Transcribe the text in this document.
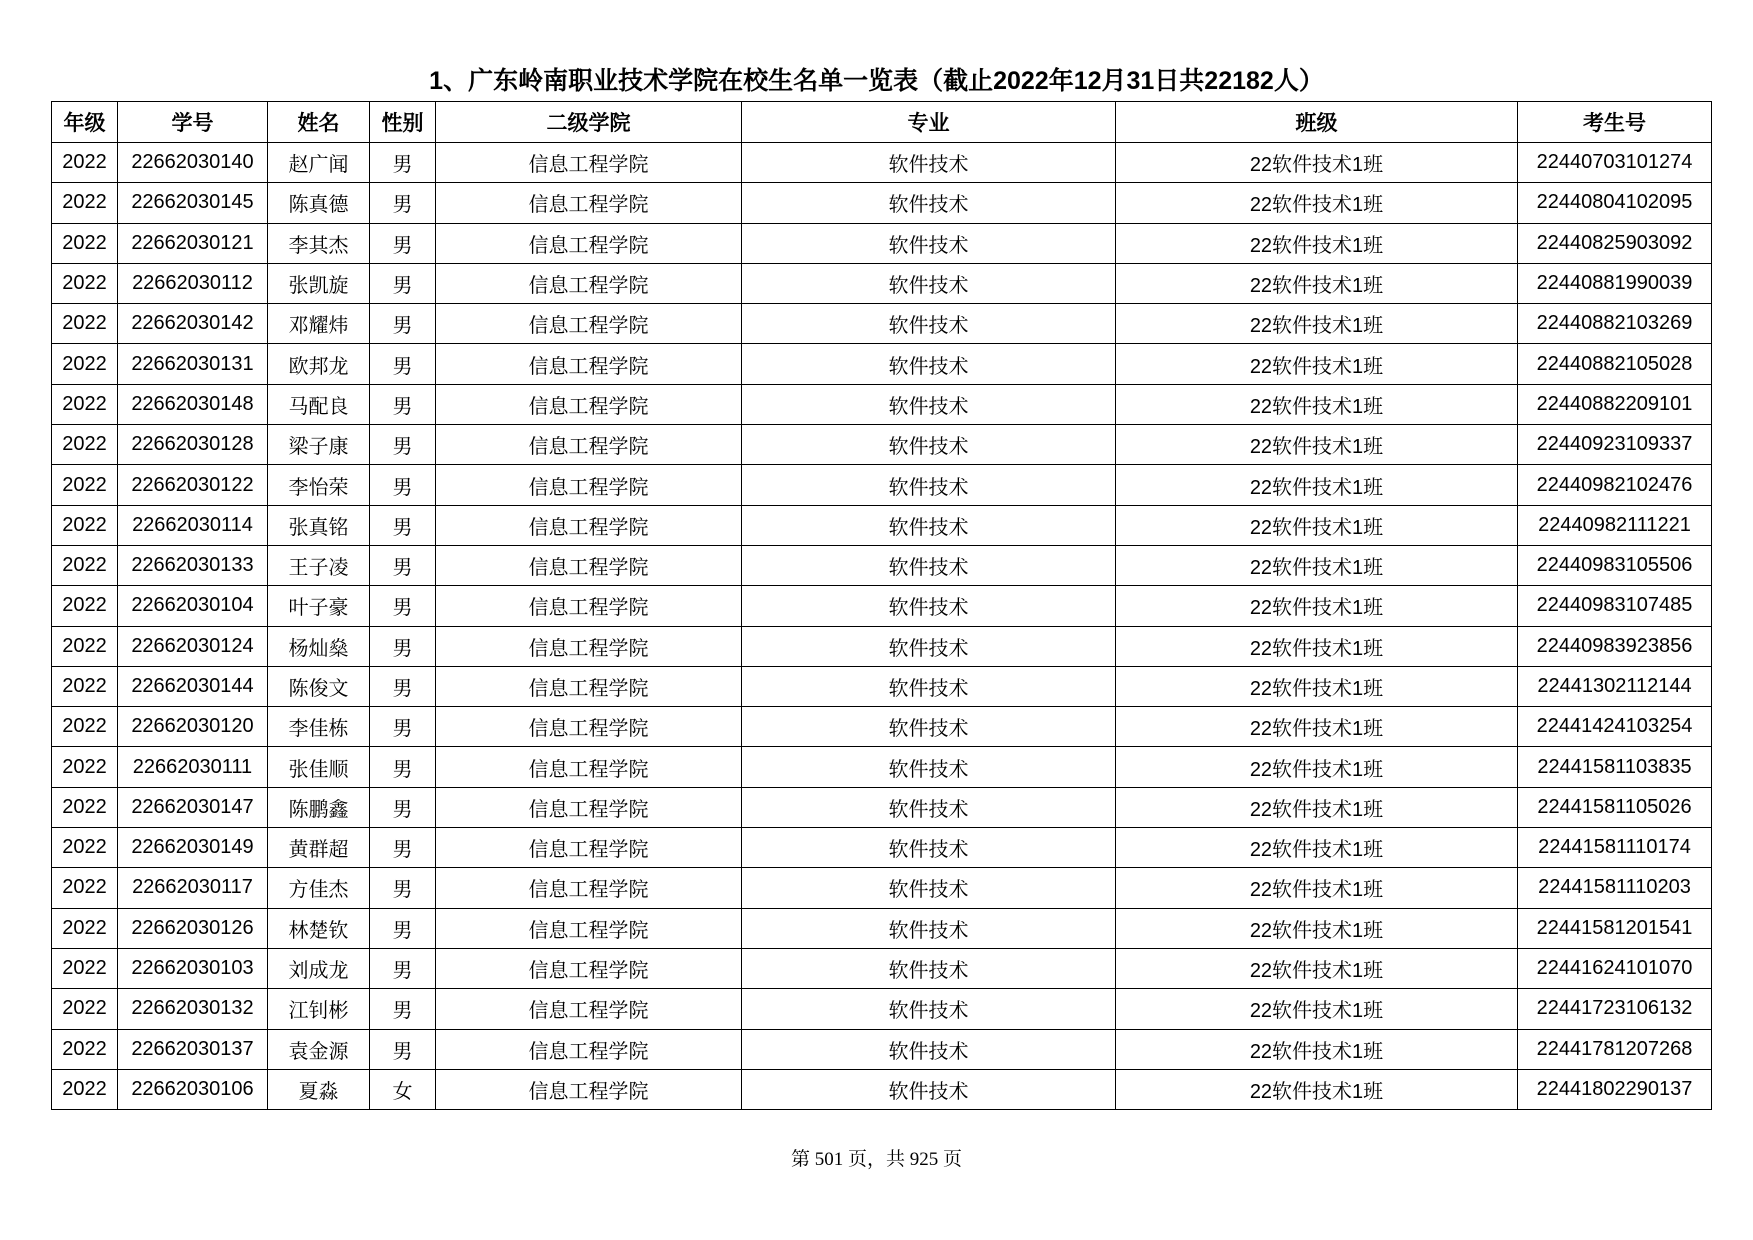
1、广东岭南职业技术学院在校生名单一览表（截止2022年12月31日共22182人）
年级	学号	姓名	性别	二级学院	专业	班级	考生号
2022	22662030140	赵广闻	男	信息工程学院	软件技术	22软件技术1班	22440703101274
2022	22662030145	陈真德	男	信息工程学院	软件技术	22软件技术1班	22440804102095
2022	22662030121	李其杰	男	信息工程学院	软件技术	22软件技术1班	22440825903092
2022	22662030112	张凯旋	男	信息工程学院	软件技术	22软件技术1班	22440881990039
2022	22662030142	邓耀炜	男	信息工程学院	软件技术	22软件技术1班	22440882103269
2022	22662030131	欧邦龙	男	信息工程学院	软件技术	22软件技术1班	22440882105028
2022	22662030148	马配良	男	信息工程学院	软件技术	22软件技术1班	22440882209101
2022	22662030128	梁子康	男	信息工程学院	软件技术	22软件技术1班	22440923109337
2022	22662030122	李怡荣	男	信息工程学院	软件技术	22软件技术1班	22440982102476
2022	22662030114	张真铭	男	信息工程学院	软件技术	22软件技术1班	22440982111221
2022	22662030133	王子凌	男	信息工程学院	软件技术	22软件技术1班	22440983105506
2022	22662030104	叶子豪	男	信息工程学院	软件技术	22软件技术1班	22440983107485
2022	22662030124	杨灿燊	男	信息工程学院	软件技术	22软件技术1班	22440983923856
2022	22662030144	陈俊文	男	信息工程学院	软件技术	22软件技术1班	22441302112144
2022	22662030120	李佳栋	男	信息工程学院	软件技术	22软件技术1班	22441424103254
2022	22662030111	张佳顺	男	信息工程学院	软件技术	22软件技术1班	22441581103835
2022	22662030147	陈鹏鑫	男	信息工程学院	软件技术	22软件技术1班	22441581105026
2022	22662030149	黄群超	男	信息工程学院	软件技术	22软件技术1班	22441581110174
2022	22662030117	方佳杰	男	信息工程学院	软件技术	22软件技术1班	22441581110203
2022	22662030126	林楚钦	男	信息工程学院	软件技术	22软件技术1班	22441581201541
2022	22662030103	刘成龙	男	信息工程学院	软件技术	22软件技术1班	22441624101070
2022	22662030132	江钊彬	男	信息工程学院	软件技术	22软件技术1班	22441723106132
2022	22662030137	袁金源	男	信息工程学院	软件技术	22软件技术1班	22441781207268
2022	22662030106	夏淼	女	信息工程学院	软件技术	22软件技术1班	22441802290137
第 501 页，共 925 页
